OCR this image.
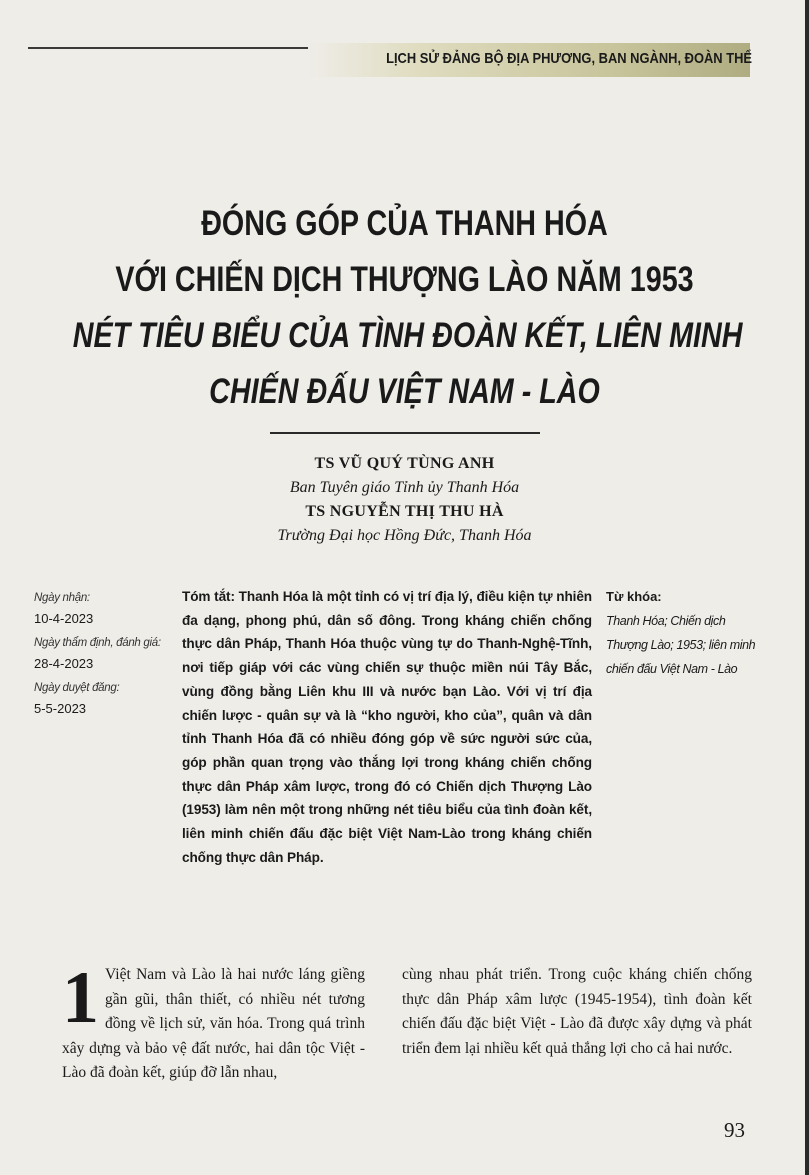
LỊCH SỬ ĐẢNG BỘ ĐỊA PHƯƠNG, BAN NGÀNH, ĐOÀN THỂ
ĐÓNG GÓP CỦA THANH HÓA
VỚI CHIẾN DỊCH THƯỢNG LÀO NĂM 1953
NÉT TIÊU BIỂU CỦA TÌNH ĐOÀN KẾT, LIÊN MINH
CHIẾN ĐẤU VIỆT NAM - LÀO
TS VŨ QUÝ TÙNG ANH
Ban Tuyên giáo Tỉnh ủy Thanh Hóa
TS NGUYỄN THỊ THU HÀ
Trường Đại học Hồng Đức, Thanh Hóa
Ngày nhận:
10-4-2023
Ngày thẩm định, đánh giá:
28-4-2023
Ngày duyệt đăng:
5-5-2023
Tóm tắt: Thanh Hóa là một tỉnh có vị trí địa lý, điều kiện tự nhiên đa dạng, phong phú, dân số đông. Trong kháng chiến chống thực dân Pháp, Thanh Hóa thuộc vùng tự do Thanh-Nghệ-Tĩnh, nơi tiếp giáp với các vùng chiến sự thuộc miền núi Tây Bắc, vùng đồng bằng Liên khu III và nước bạn Lào. Với vị trí địa chiến lược - quân sự và là “kho người, kho của”, quân và dân tỉnh Thanh Hóa đã có nhiều đóng góp về sức người sức của, góp phần quan trọng vào thắng lợi trong kháng chiến chống thực dân Pháp xâm lược, trong đó có Chiến dịch Thượng Lào (1953) làm nên một trong những nét tiêu biểu của tình đoàn kết, liên minh chiến đấu đặc biệt Việt Nam-Lào trong kháng chiến chống thực dân Pháp.
Từ khóa:
Thanh Hóa; Chiến dịch Thượng Lào; 1953; liên minh chiến đấu Việt Nam - Lào
1 Việt Nam và Lào là hai nước láng giềng gần gũi, thân thiết, có nhiều nét tương đồng về lịch sử, văn hóa. Trong quá trình xây dựng và bảo vệ đất nước, hai dân tộc Việt - Lào đã đoàn kết, giúp đỡ lẫn nhau,
cùng nhau phát triển. Trong cuộc kháng chiến chống thực dân Pháp xâm lược (1945-1954), tình đoàn kết chiến đấu đặc biệt Việt - Lào đã được xây dựng và phát triển đem lại nhiều kết quả thắng lợi cho cả hai nước.
93
